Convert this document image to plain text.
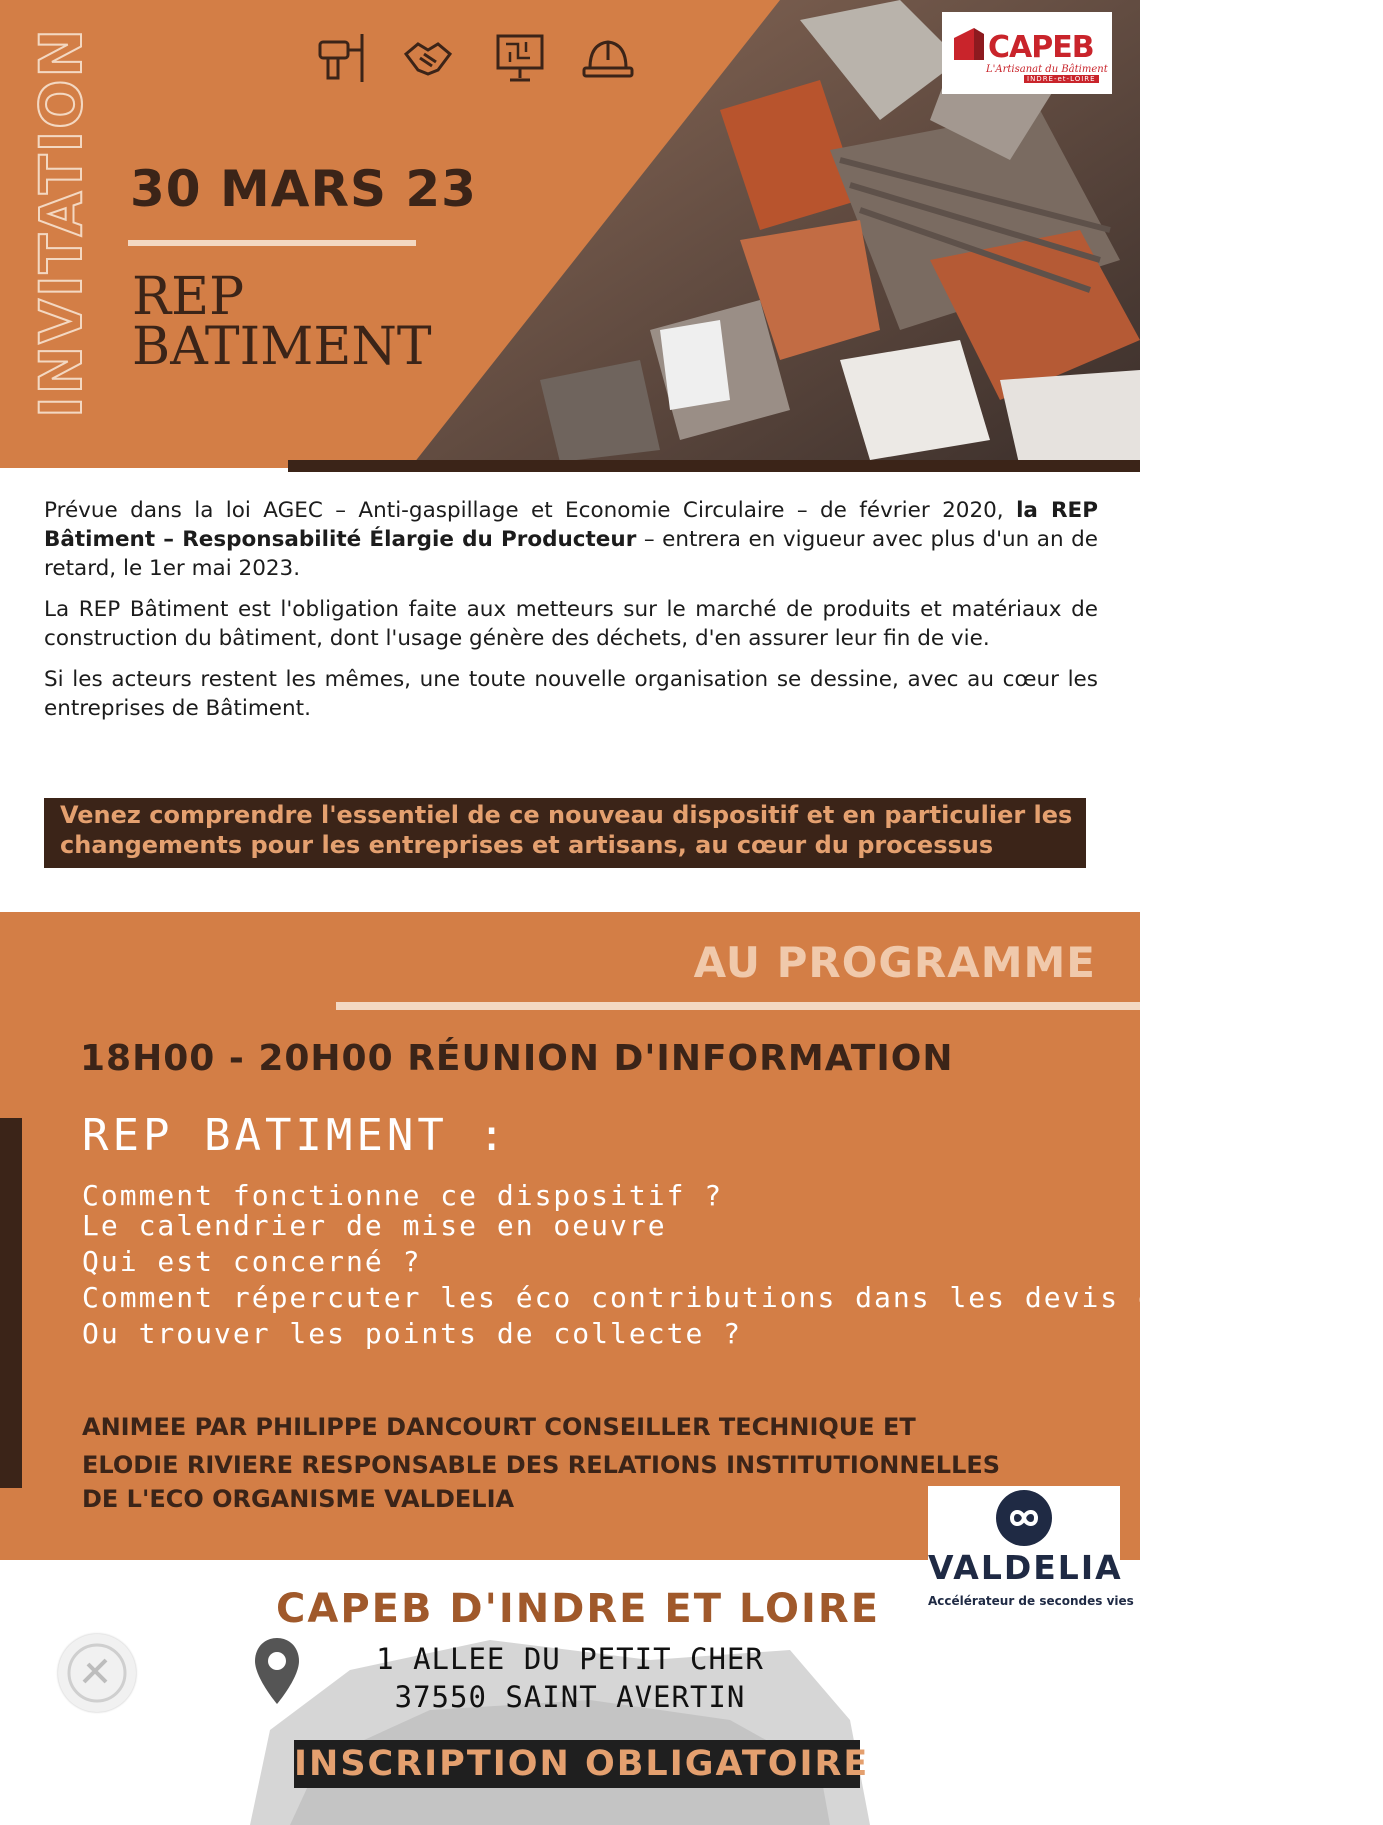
CAPEB
L'Artisanat du Bâtiment
INDRE-et-LOIRE
INVITATION 30 MARS 23
REP
BATIMENT

Prévue dans la loi AGEC – Anti-gaspillage et Economie Circulaire – de février 2020, la REP Bâtiment – Responsabilité Élargie du Producteur – entrera en vigueur avec plus d'un an de retard, le 1er mai 2023.

La REP Bâtiment est l'obligation faite aux metteurs sur le marché de produits et matériaux de construction du bâtiment, dont l'usage génère des déchets, d'en assurer leur fin de vie.

Si les acteurs restent les mêmes, une toute nouvelle organisation se dessine, avec au cœur les entreprises de Bâtiment.

Venez comprendre l'essentiel de ce nouveau dispositif et en particulier les changements pour les entreprises et artisans, au cœur du processus
AU PROGRAMME
18H00 - 20H00 RÉUNION D'INFORMATION
REP BATIMENT :
Comment fonctionne ce dispositif ?
Le calendrier de mise en oeuvre
Qui est concerné ?
Comment répercuter les éco contributions dans les devis et factures ?
Ou trouver les points de collecte ?
ANIMEE PAR PHILIPPE DANCOURT CONSEILLER TECHNIQUE ET
ELODIE RIVIERE RESPONSABLE DES RELATIONS INSTITUTIONNELLES
DE L'ECO ORGANISME VALDELIA
VALDELIA
Accélérateur de secondes vies
CAPEB D'INDRE ET LOIRE
1 ALLEE DU PETIT CHER
37550 SAINT AVERTIN
INSCRIPTION OBLIGATOIRE
